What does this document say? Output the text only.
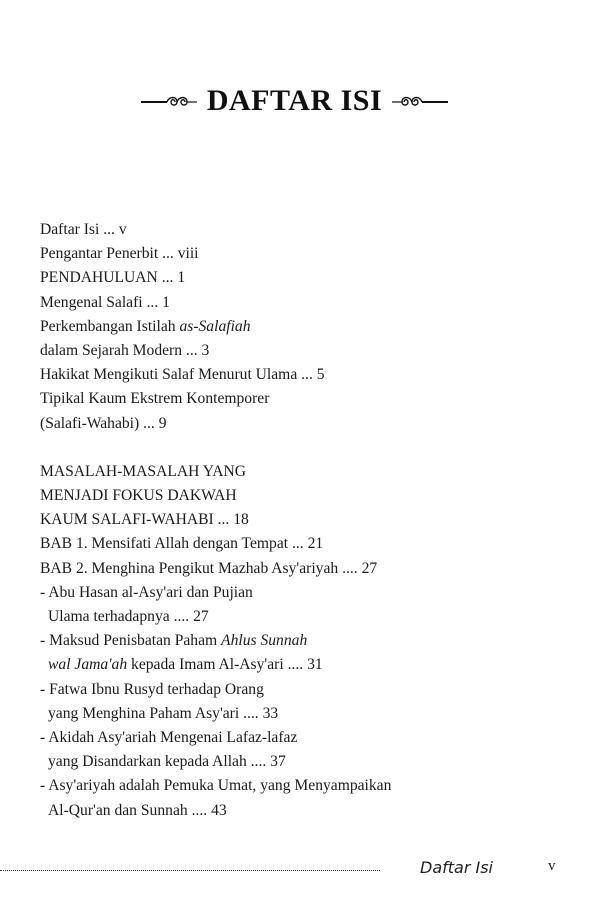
DAFTAR ISI
Daftar Isi ... v
Pengantar Penerbit ... viii
PENDAHULUAN ... 1
Mengenal Salafi ... 1
Perkembangan Istilah as-Salafiah
dalam Sejarah Modern ... 3
Hakikat Mengikuti Salaf Menurut Ulama ... 5
Tipikal Kaum Ekstrem Kontemporer
(Salafi-Wahabi) ... 9
MASALAH-MASALAH YANG
MENJADI FOKUS DAKWAH
KAUM SALAFI-WAHABI ... 18
BAB 1. Mensifati Allah dengan Tempat ... 21
BAB 2. Menghina Pengikut Mazhab Asy'ariyah .... 27
- Abu Hasan al-Asy'ari dan Pujian
Ulama terhadapnya .... 27
- Maksud Penisbatan Paham Ahlus Sunnah
wal Jama'ah kepada Imam Al-Asy'ari .... 31
- Fatwa Ibnu Rusyd terhadap Orang
yang Menghina Paham Asy'ari .... 33
- Akidah Asy'ariah Mengenai Lafaz-lafaz
yang Disandarkan kepada Allah .... 37
- Asy'ariyah adalah Pemuka Umat, yang Menyampaikan
Al-Qur'an dan Sunnah .... 43
Daftar Isi	v
